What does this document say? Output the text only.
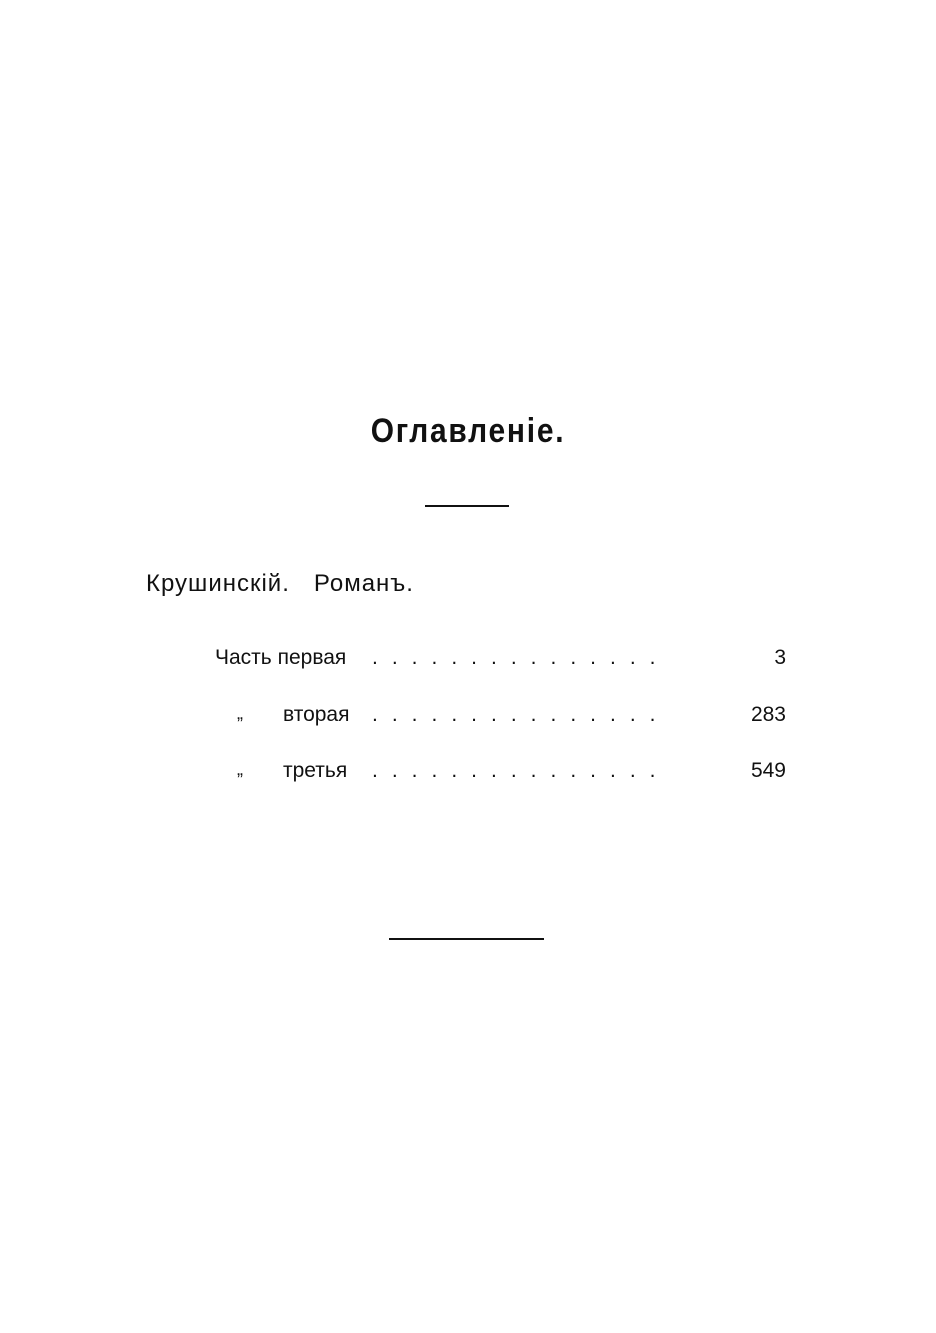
Оглавленіе.
Крушинскій. Романъ.
Часть первая ...............	3
„ вторая ...............	283
„ третья ...............	549
